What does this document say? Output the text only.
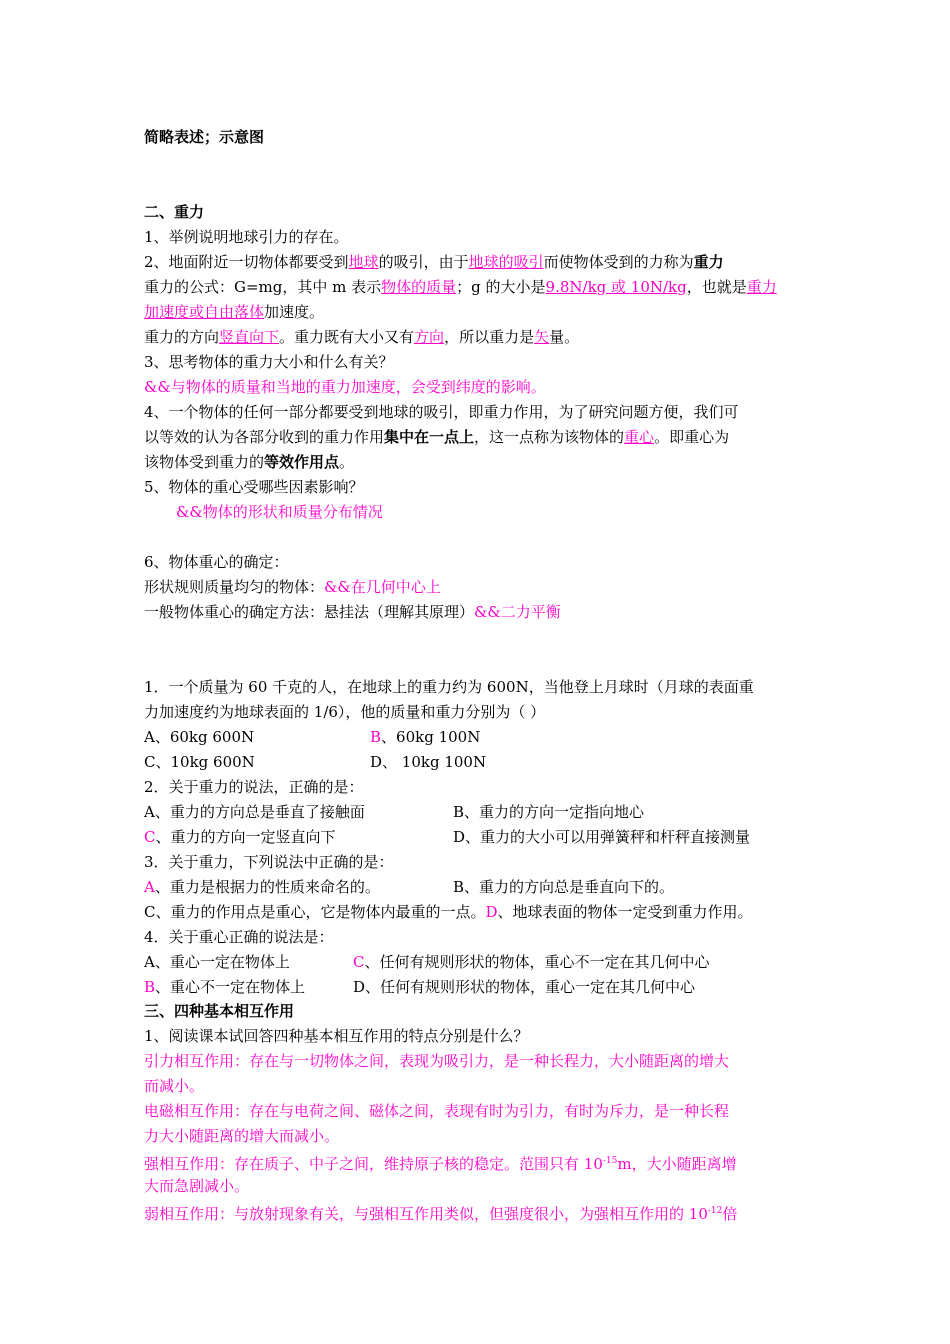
简略表述；示意图
二、重力
1、举例说明地球引力的存在。
2、地面附近一切物体都要受到地球的吸引，由于地球的吸引而使物体受到的力称为重力
重力的公式：G=mg，其中 m 表示物体的质量；g 的大小是9.8N/kg 或 10N/kg，也就是重力
加速度或自由落体加速度。
重力的方向竖直向下。重力既有大小又有方向，所以重力是矢量。
3、思考物体的重力大小和什么有关？
&&与物体的质量和当地的重力加速度，会受到纬度的影响。
4、一个物体的任何一部分都要受到地球的吸引，即重力作用，为了研究问题方便，我们可
以等效的认为各部分收到的重力作用集中在一点上，这一点称为该物体的重心。即重心为
该物体受到重力的等效作用点。
5、物体的重心受哪些因素影响？
&&物体的形状和质量分布情况
6、物体重心的确定：
形状规则质量均匀的物体：&&在几何中心上
一般物体重心的确定方法：悬挂法（理解其原理）&&二力平衡
1．一个质量为 60 千克的人，在地球上的重力约为 600N，当他登上月球时（月球的表面重
力加速度约为地球表面的 1/6），他的质量和重力分别为（ ）
A、60kg 600N	B、60kg 100N
C、10kg 600N	D、 10kg 100N
2．关于重力的说法，正确的是：
A、重力的方向总是垂直了接触面	B、重力的方向一定指向地心
C、重力的方向一定竖直向下	D、重力的大小可以用弹簧秤和杆秤直接测量
3．关于重力，下列说法中正确的是：
A、重力是根据力的性质来命名的。	B、重力的方向总是垂直向下的。
C、重力的作用点是重心，它是物体内最重的一点。D、地球表面的物体一定受到重力作用。
4．关于重心正确的说法是：
A、重心一定在物体上	C、任何有规则形状的物体，重心不一定在其几何中心
B、重心不一定在物体上	D、任何有规则形状的物体，重心一定在其几何中心
三、四种基本相互作用
1、阅读课本试回答四种基本相互作用的特点分别是什么？
引力相互作用：存在与一切物体之间，表现为吸引力，是一种长程力，大小随距离的增大
而减小。
电磁相互作用：存在与电荷之间、磁体之间，表现有时为引力，有时为斥力，是一种长程
力大小随距离的增大而减小。
强相互作用：存在质子、中子之间，维持原子核的稳定。范围只有 $10^{-15}m$，大小随距离增
大而急剧减小。
弱相互作用：与放射现象有关，与强相互作用类似，但强度很小，为强相互作用的 $10^{-12}$倍
